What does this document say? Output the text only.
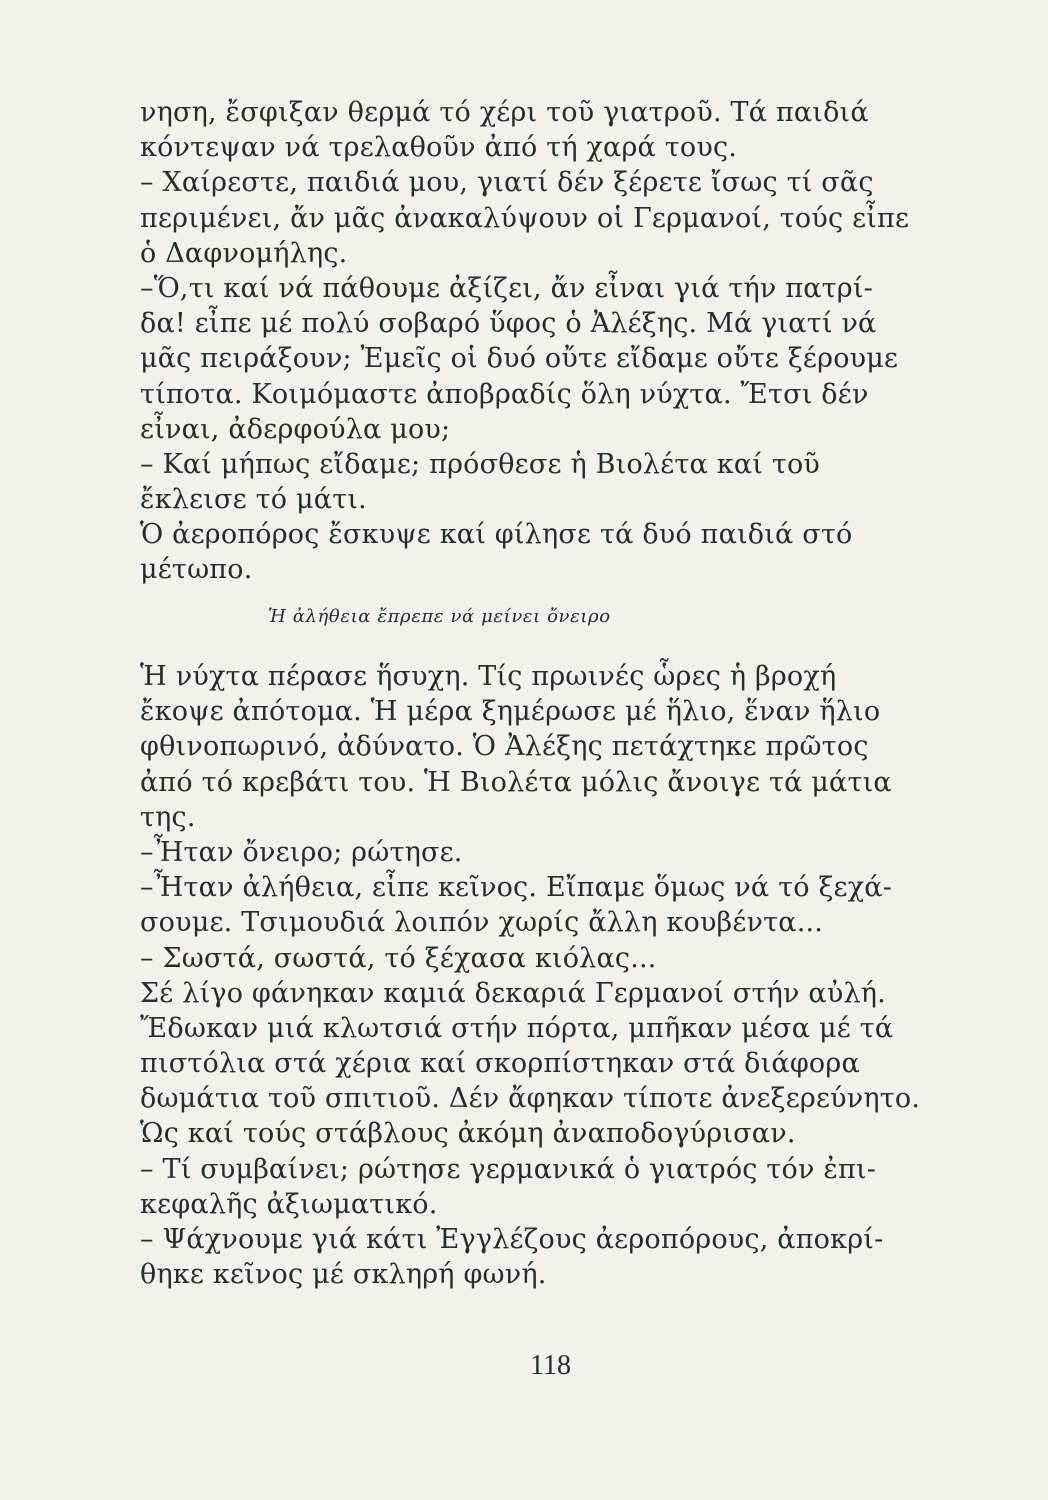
νηση, ἔσφιξαν θερμά τό χέρι τοῦ γιατροῦ. Τά παιδιά
κόντεψαν νά τρελαθοῦν ἀπό τή χαρά τους.
– Χαίρεστε, παιδιά μου, γιατί δέν ξέρετε ἴσως τί σᾶς
περιμένει, ἄν μᾶς ἀνακαλύψουν οἱ Γερμανοί, τούς εἶπε
ὁ Δαφνομήλης.
–Ὅ,τι καί νά πάθουμε ἀξίζει, ἄν εἶναι γιά τήν πατρί-
δα! εἶπε μέ πολύ σοβαρό ὕφος ὁ Ἀλέξης. Μά γιατί νά
μᾶς πειράξουν; Ἐμεῖς οἱ δυό οὔτε εἴδαμε οὔτε ξέρουμε
τίποτα. Κοιμόμαστε ἀποβραδίς ὅλη νύχτα. Ἔτσι δέν
εἶναι, ἀδερφούλα μου;
– Καί μήπως εἴδαμε; πρόσθεσε ἡ Βιολέτα καί τοῦ
ἔκλεισε τό μάτι.
Ὁ ἀεροπόρος ἔσκυψε καί φίλησε τά δυό παιδιά στό
μέτωπο.
Ἡ ἀλήθεια ἔπρεπε νά μείνει ὄνειρο
Ἡ νύχτα πέρασε ἥσυχη. Τίς πρωινές ὧρες ἡ βροχή
ἔκοψε ἀπότομα. Ἡ μέρα ξημέρωσε μέ ἥλιο, ἕναν ἥλιο
φθινοπωρινό, ἀδύνατο. Ὁ Ἀλέξης πετάχτηκε πρῶτος
ἀπό τό κρεβάτι του. Ἡ Βιολέτα μόλις ἄνοιγε τά μάτια
της.
–Ἦταν ὄνειρο; ρώτησε.
–Ἦταν ἀλήθεια, εἶπε κεῖνος. Εἴπαμε ὅμως νά τό ξεχά-
σουμε. Τσιμουδιά λοιπόν χωρίς ἄλλη κουβέντα...
– Σωστά, σωστά, τό ξέχασα κιόλας...
Σέ λίγο φάνηκαν καμιά δεκαριά Γερμανοί στήν αὐλή.
Ἔδωκαν μιά κλωτσιά στήν πόρτα, μπῆκαν μέσα μέ τά
πιστόλια στά χέρια καί σκορπίστηκαν στά διάφορα
δωμάτια τοῦ σπιτιοῦ. Δέν ἄφηκαν τίποτε ἀνεξερεύνητο.
Ὡς καί τούς στάβλους ἀκόμη ἀναποδογύρισαν.
– Τί συμβαίνει; ρώτησε γερμανικά ὁ γιατρός τόν ἐπι-
κεφαλῆς ἀξιωματικό.
– Ψάχνουμε γιά κάτι Ἐγγλέζους ἀεροπόρους, ἀποκρί-
θηκε κεῖνος μέ σκληρή φωνή.
118
